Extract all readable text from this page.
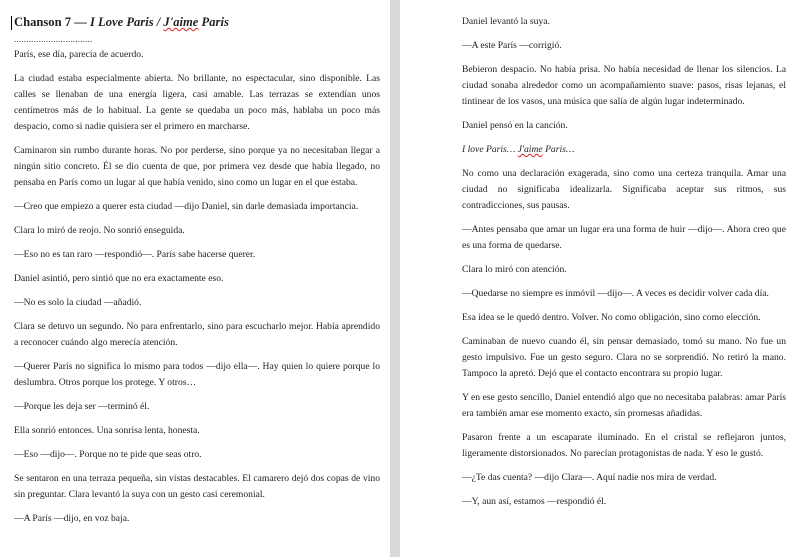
Chanson 7 — I Love Paris / J'aime Paris
................................

París, ese día, parecía de acuerdo.

La ciudad estaba especialmente abierta. No brillante, no espectacular, sino disponible. Las calles se llenaban de una energía ligera, casi amable. Las terrazas se extendían unos centímetros más de lo habitual. La gente se quedaba un poco más, hablaba un poco más despacio, como si nadie quisiera ser el primero en marcharse.

Caminaron sin rumbo durante horas. No por perderse, sino porque ya no necesitaban llegar a ningún sitio concreto. Él se dio cuenta de que, por primera vez desde que había llegado, no pensaba en París como un lugar al que había venido, sino como un lugar en el que estaba.

—Creo que empiezo a querer esta ciudad —dijo Daniel, sin darle demasiada importancia.

Clara lo miró de reojo. No sonrió enseguida.

—Eso no es tan raro —respondió—. París sabe hacerse querer.

Daniel asintió, pero sintió que no era exactamente eso.

—No es solo la ciudad —añadió.

Clara se detuvo un segundo. No para enfrentarlo, sino para escucharlo mejor. Había aprendido a reconocer cuándo algo merecía atención.

—Querer París no significa lo mismo para todos —dijo ella—. Hay quien lo quiere porque lo deslumbra. Otros porque los protege. Y otros…

—Porque les deja ser —terminó él.

Ella sonrió entonces. Una sonrisa lenta, honesta.

—Eso —dijo—. Porque no te pide que seas otro.

Se sentaron en una terraza pequeña, sin vistas destacables. El camarero dejó dos copas de vino sin preguntar. Clara levantó la suya con un gesto casi ceremonial.

—A París —dijo, en voz baja.

Daniel levantó la suya.

—A este París —corrigió.

Bebieron despacio. No había prisa. No había necesidad de llenar los silencios. La ciudad sonaba alrededor como un acompañamiento suave: pasos, risas lejanas, el tintinear de los vasos, una música que salía de algún lugar indeterminado.

Daniel pensó en la canción.

I love Paris… J'aime Paris…

No como una declaración exagerada, sino como una certeza tranquila. Amar una ciudad no significaba idealizarla. Significaba aceptar sus ritmos, sus contradicciones, sus pausas.

—Antes pensaba que amar un lugar era una forma de huir —dijo—. Ahora creo que es una forma de quedarse.

Clara lo miró con atención.

—Quedarse no siempre es inmóvil —dijo—. A veces es decidir volver cada día.

Esa idea se le quedó dentro. Volver. No como obligación, sino como elección.

Caminaban de nuevo cuando él, sin pensar demasiado, tomó su mano. No fue un gesto impulsivo. Fue un gesto seguro. Clara no se sorprendió. No retiró la mano. Tampoco la apretó. Dejó que el contacto encontrara su propio lugar.

Y en ese gesto sencillo, Daniel entendió algo que no necesitaba palabras: amar París era también amar ese momento exacto, sin promesas añadidas.

Pasaron frente a un escaparate iluminado. En el cristal se reflejaron juntos, ligeramente distorsionados. No parecían protagonistas de nada. Y eso le gustó.

—¿Te das cuenta? —dijo Clara—. Aquí nadie nos mira de verdad.

—Y, aun así, estamos —respondió él.
